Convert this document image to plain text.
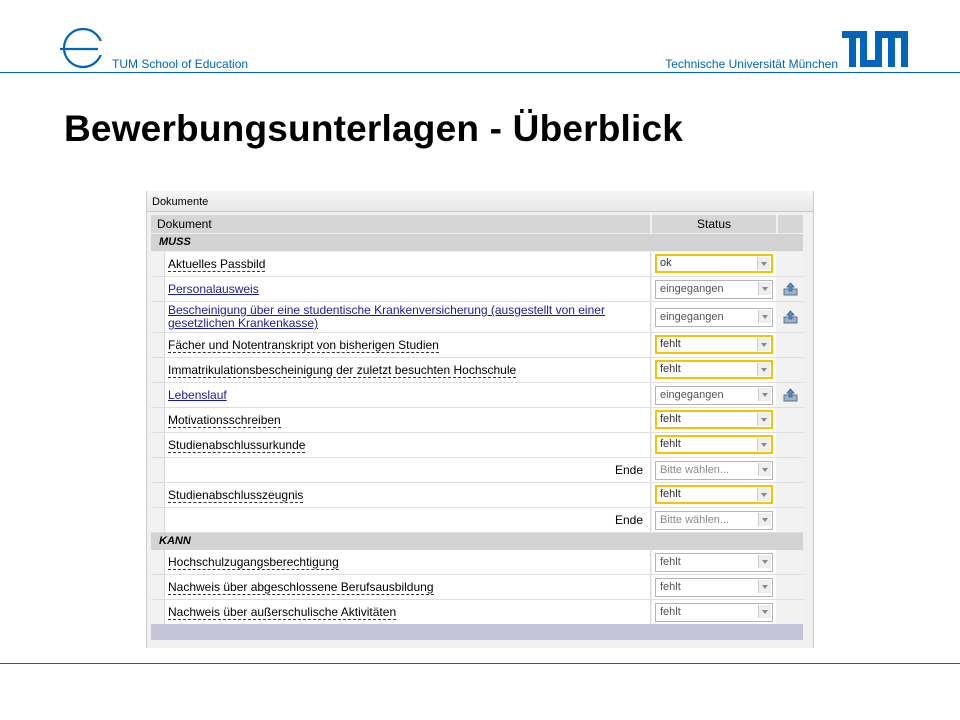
TUM School of Education	Technische Universität München
Bewerbungsunterlagen - Überblick
Dokumente
Dokument	Status
MUSS
Aktuelles Passbild	ok
Personalausweis	eingegangen
Bescheinigung über eine studentische Krankenversicherung (ausgestellt von einer
gesetzlichen Krankenkasse)	eingegangen
Fächer und Notentranskript von bisherigen Studien	fehlt
Immatrikulationsbescheinigung der zuletzt besuchten Hochschule	fehlt
Lebenslauf	eingegangen
Motivationsschreiben	fehlt
Studienabschlussurkunde	fehlt
Ende	Bitte wählen...
Studienabschlusszeugnis	fehlt
Ende	Bitte wählen...
KANN
Hochschulzugangsberechtigung	fehlt
Nachweis über abgeschlossene Berufsausbildung	fehlt
Nachweis über außerschulische Aktivitäten	fehlt
